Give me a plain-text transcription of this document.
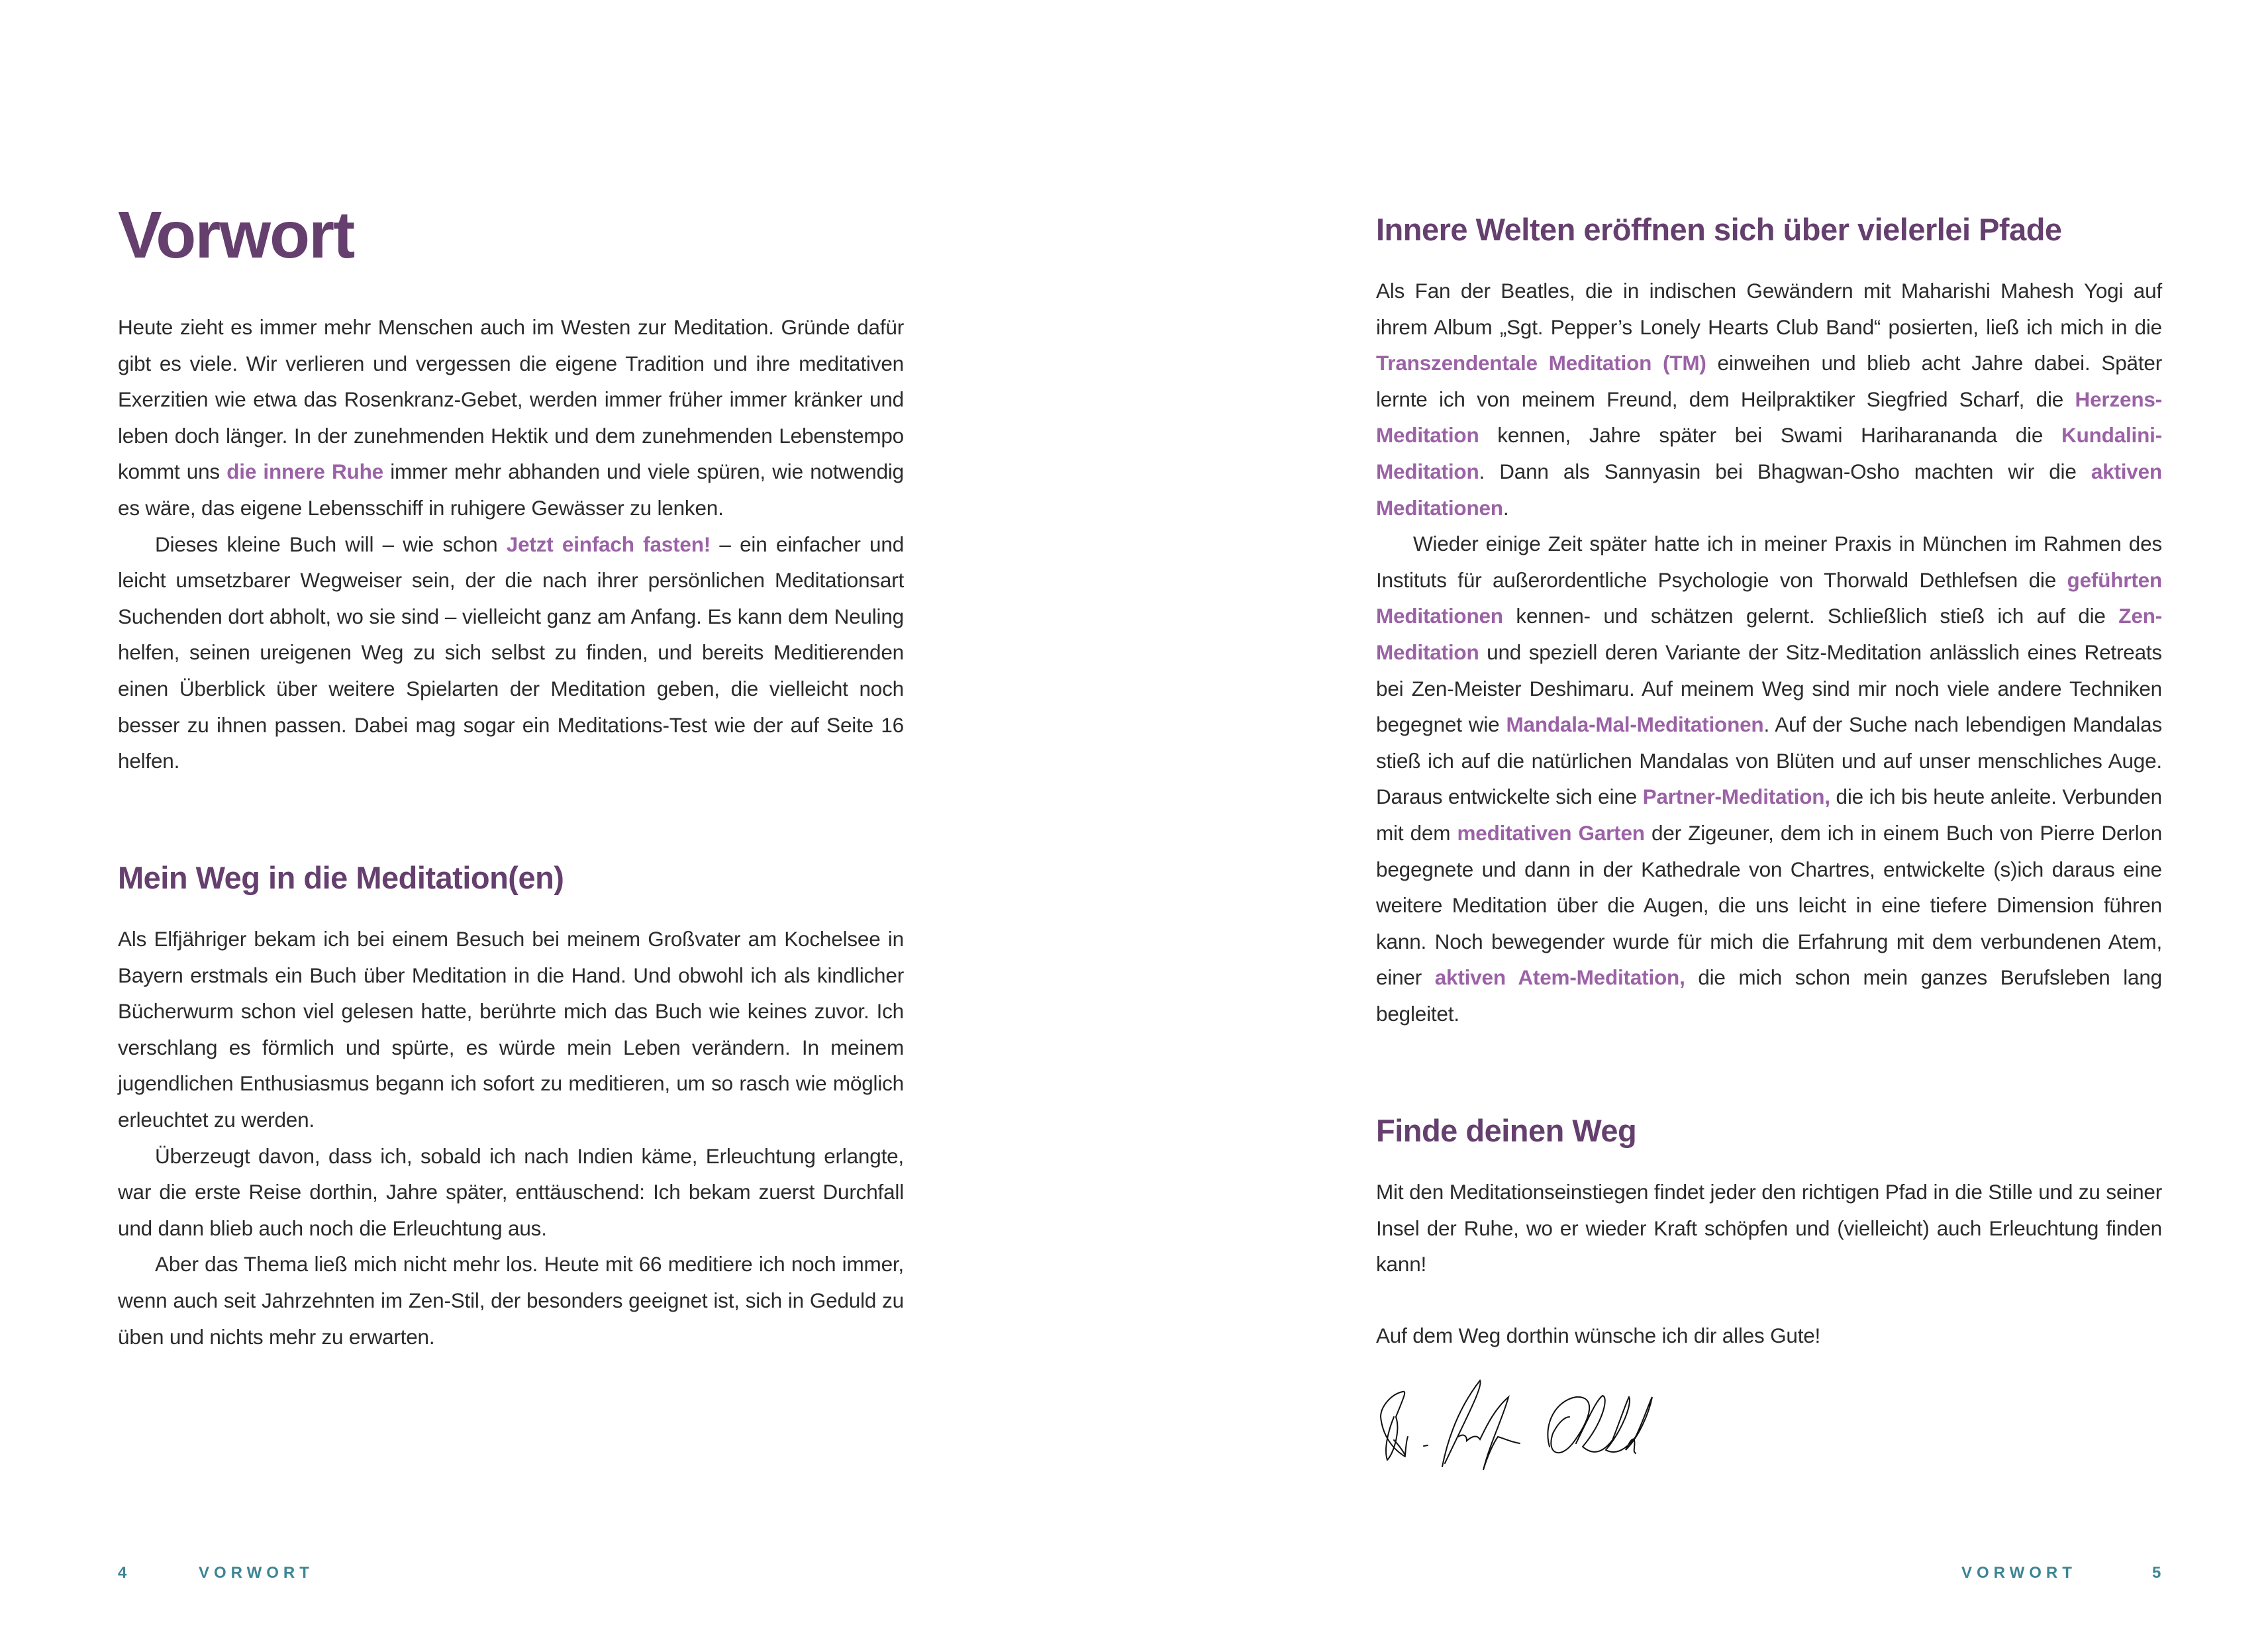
Vorwort

Heute zieht es immer mehr Menschen auch im Westen zur Meditation. Gründe dafür gibt es viele. Wir verlieren und vergessen die eigene Tradition und ihre meditativen Exerzitien wie etwa das Rosenkranz-Gebet, werden immer früher immer kränker und leben doch länger. In der zunehmenden Hektik und dem zunehmenden Lebenstempo kommt uns die innere Ruhe immer mehr abhanden und viele spüren, wie notwendig es wäre, das eigene Lebensschiff in ruhigere Gewässer zu lenken.

Dieses kleine Buch will – wie schon Jetzt einfach fasten! – ein einfacher und leicht umsetzbarer Wegweiser sein, der die nach ihrer persönlichen Meditationsart Suchenden dort abholt, wo sie sind – vielleicht ganz am Anfang. Es kann dem Neuling helfen, seinen ureigenen Weg zu sich selbst zu finden, und bereits Meditierenden einen Überblick über weitere Spielarten der Meditation geben, die vielleicht noch besser zu ihnen passen. Dabei mag sogar ein Meditations-Test wie der auf Seite 16 helfen.

Mein Weg in die Meditation(en)

Als Elfjähriger bekam ich bei einem Besuch bei meinem Großvater am Kochelsee in Bayern erstmals ein Buch über Meditation in die Hand. Und obwohl ich als kindlicher Bücherwurm schon viel gelesen hatte, berührte mich das Buch wie keines zuvor. Ich verschlang es förmlich und spürte, es würde mein Leben verändern. In meinem jugendlichen Enthusiasmus begann ich sofort zu meditieren, um so rasch wie möglich erleuchtet zu werden.

Überzeugt davon, dass ich, sobald ich nach Indien käme, Erleuchtung erlangte, war die erste Reise dorthin, Jahre später, enttäuschend: Ich bekam zuerst Durchfall und dann blieb auch noch die Erleuchtung aus.

Aber das Thema ließ mich nicht mehr los. Heute mit 66 meditiere ich noch immer, wenn auch seit Jahrzehnten im Zen-Stil, der besonders geeignet ist, sich in Geduld zu üben und nichts mehr zu erwarten.

4	VORWORT
Innere Welten eröffnen sich über vielerlei Pfade

Als Fan der Beatles, die in indischen Gewändern mit Maharishi Mahesh Yogi auf ihrem Album „Sgt. Pepper’s Lonely Hearts Club Band“ posierten, ließ ich mich in die Transzendentale Meditation (TM) einweihen und blieb acht Jahre dabei. Später lernte ich von meinem Freund, dem Heilpraktiker Siegfried Scharf, die Herzens-Meditation kennen, Jahre später bei Swami Hariharananda die Kundalini-Meditation. Dann als Sannyasin bei Bhagwan-Osho machten wir die aktiven Meditationen.

Wieder einige Zeit später hatte ich in meiner Praxis in München im Rahmen des Instituts für außerordentliche Psychologie von Thorwald Dethlefsen die geführten Meditationen kennen- und schätzen gelernt. Schließlich stieß ich auf die Zen-Meditation und speziell deren Variante der Sitz-Meditation anlässlich eines Retreats bei Zen-Meister Deshimaru. Auf meinem Weg sind mir noch viele andere Techniken begegnet wie Mandala-Mal-Meditationen. Auf der Suche nach lebendigen Mandalas stieß ich auf die natürlichen Mandalas von Blüten und auf unser menschliches Auge. Daraus entwickelte sich eine Partner-Meditation, die ich bis heute anleite. Verbunden mit dem meditativen Garten der Zigeuner, dem ich in einem Buch von Pierre Derlon begegnete und dann in der Kathedrale von Chartres, entwickelte (s)ich daraus eine weitere Meditation über die Augen, die uns leicht in eine tiefere Dimension führen kann. Noch bewegender wurde für mich die Erfahrung mit dem verbundenen Atem, einer aktiven Atem-Meditation, die mich schon mein ganzes Berufsleben lang begleitet.

Finde deinen Weg

Mit den Meditationseinstiegen findet jeder den richtigen Pfad in die Stille und zu seiner Insel der Ruhe, wo er wieder Kraft schöpfen und (vielleicht) auch Erleuchtung finden kann!

Auf dem Weg dorthin wünsche ich dir alles Gute!
VORWORT	5
